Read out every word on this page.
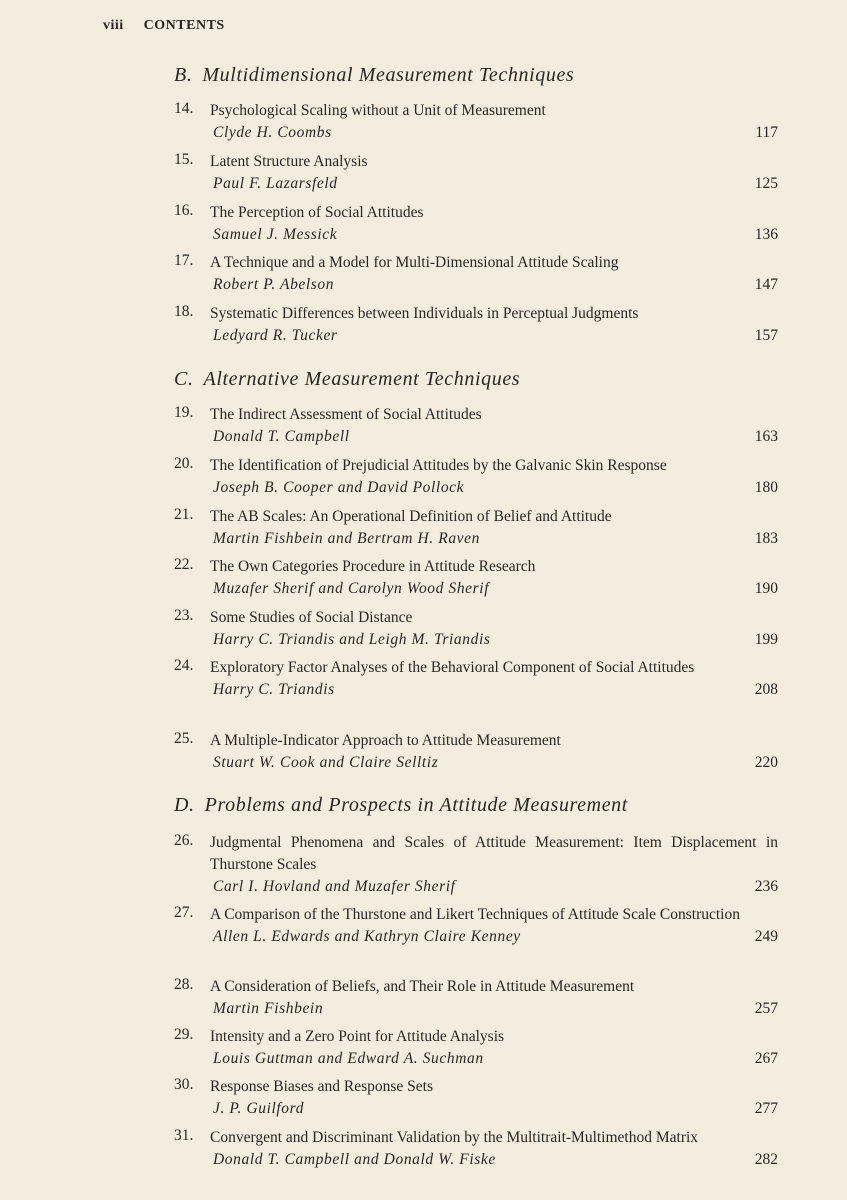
viii CONTENTS
B. Multidimensional Measurement Techniques
14. Psychological Scaling without a Unit of Measurement
Clyde H. Coombs	117
15. Latent Structure Analysis
Paul F. Lazarsfeld	125
16. The Perception of Social Attitudes
Samuel J. Messick	136
17. A Technique and a Model for Multi-Dimensional Attitude Scaling
Robert P. Abelson	147
18. Systematic Differences between Individuals in Perceptual Judgments
Ledyard R. Tucker	157
C. Alternative Measurement Techniques
19. The Indirect Assessment of Social Attitudes
Donald T. Campbell	163
20. The Identification of Prejudicial Attitudes by the Galvanic Skin Response
Joseph B. Cooper and David Pollock	180
21. The AB Scales: An Operational Definition of Belief and Attitude
Martin Fishbein and Bertram H. Raven	183
22. The Own Categories Procedure in Attitude Research
Muzafer Sherif and Carolyn Wood Sherif	190
23. Some Studies of Social Distance
Harry C. Triandis and Leigh M. Triandis	199
24. Exploratory Factor Analyses of the Behavioral Component of Social Attitudes
Harry C. Triandis	208
25. A Multiple-Indicator Approach to Attitude Measurement
Stuart W. Cook and Claire Selltiz	220
D. Problems and Prospects in Attitude Measurement
26. Judgmental Phenomena and Scales of Attitude Measurement: Item Displacement in Thurstone Scales
Carl I. Hovland and Muzafer Sherif	236
27. A Comparison of the Thurstone and Likert Techniques of Attitude Scale Construction
Allen L. Edwards and Kathryn Claire Kenney	249
28. A Consideration of Beliefs, and Their Role in Attitude Measurement
Martin Fishbein	257
29. Intensity and a Zero Point for Attitude Analysis
Louis Guttman and Edward A. Suchman	267
30. Response Biases and Response Sets
J. P. Guilford	277
31. Convergent and Discriminant Validation by the Multitrait-Multimethod Matrix
Donald T. Campbell and Donald W. Fiske	282
